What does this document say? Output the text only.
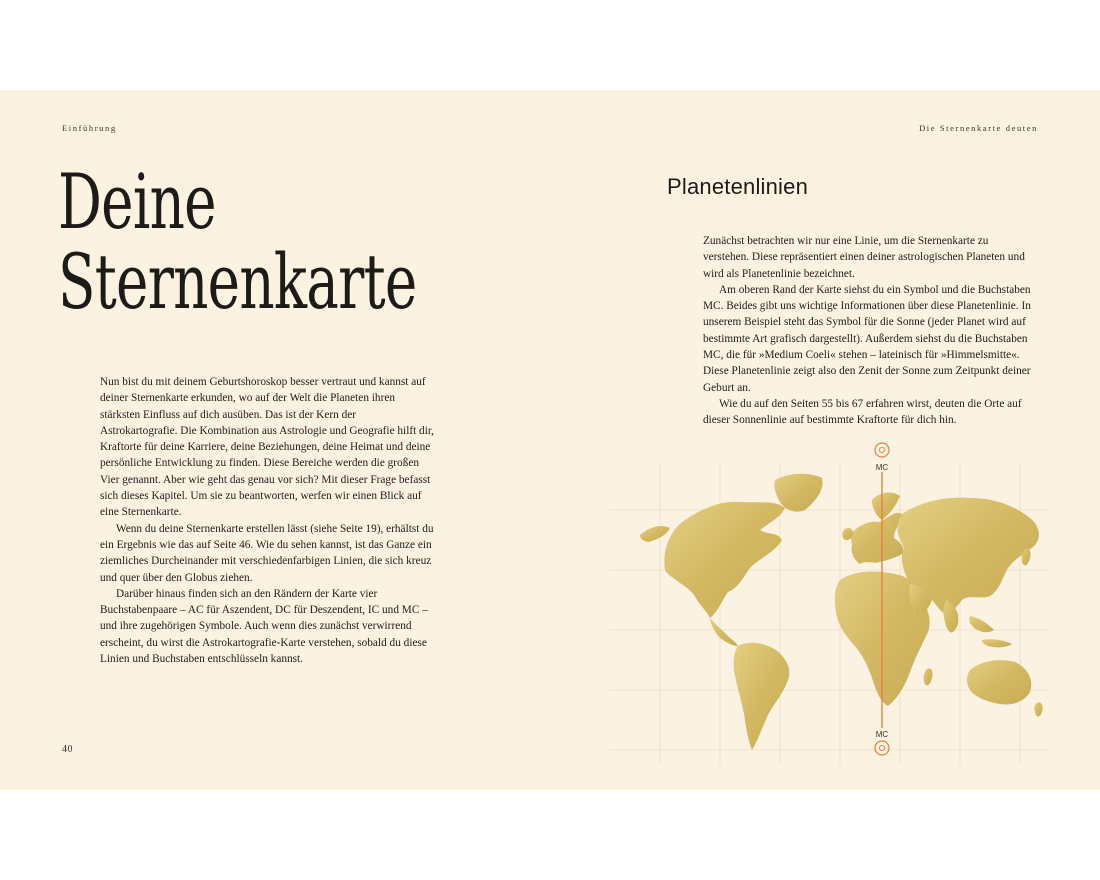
Einführung
Deine
Sternenkarte

Nun bist du mit deinem Geburtshoroskop besser vertraut und kannst auf deiner Sternenkarte erkunden, wo auf der Welt die Planeten ihren stärksten Einfluss auf dich ausüben. Das ist der Kern der Astrokartografie. Die Kombination aus Astrologie und Geografie hilft dir, Kraftorte für deine Karriere, deine Beziehungen, deine Heimat und deine persönliche Entwicklung zu finden. Diese Bereiche werden die großen Vier genannt. Aber wie geht das genau vor sich? Mit dieser Frage befasst sich dieses Kapitel. Um sie zu beantworten, werfen wir einen Blick auf eine Sternenkarte.

Wenn du deine Sternenkarte erstellen lässt (siehe Seite 19), erhältst du ein Ergebnis wie das auf Seite 46. Wie du sehen kannst, ist das Ganze ein ziemliches Durcheinander mit verschiedenfarbigen Linien, die sich kreuz und quer über den Globus ziehen.

Darüber hinaus finden sich an den Rändern der Karte vier Buchstabenpaare – AC für Aszendent, DC für Deszendent, IC und MC – und ihre zugehörigen Symbole. Auch wenn dies zunächst verwirrend erscheint, du wirst die Astrokartografie-Karte verstehen, sobald du diese Linien und Buchstaben entschlüsseln kannst.

40
Die Sternenkarte deuten
Planetenlinien

Zunächst betrachten wir nur eine Linie, um die Sternenkarte zu verstehen. Diese repräsentiert einen deiner astrologischen Planeten und wird als Planetenlinie bezeichnet.

Am oberen Rand der Karte siehst du ein Symbol und die Buchstaben MC. Beides gibt uns wichtige Informationen über diese Planetenlinie. In unserem Beispiel steht das Symbol für die Sonne (jeder Planet wird auf bestimmte Art grafisch dargestellt). Außerdem siehst du die Buchstaben MC, die für »Medium Coeli« stehen – lateinisch für »Himmelsmitte«. Diese Planetenlinie zeigt also den Zenit der Sonne zum Zeitpunkt deiner Geburt an.

Wie du auf den Seiten 55 bis 67 erfahren wirst, deuten die Orte auf dieser Sonnenlinie auf bestimmte Kraftorte für dich hin.

MC
MC
